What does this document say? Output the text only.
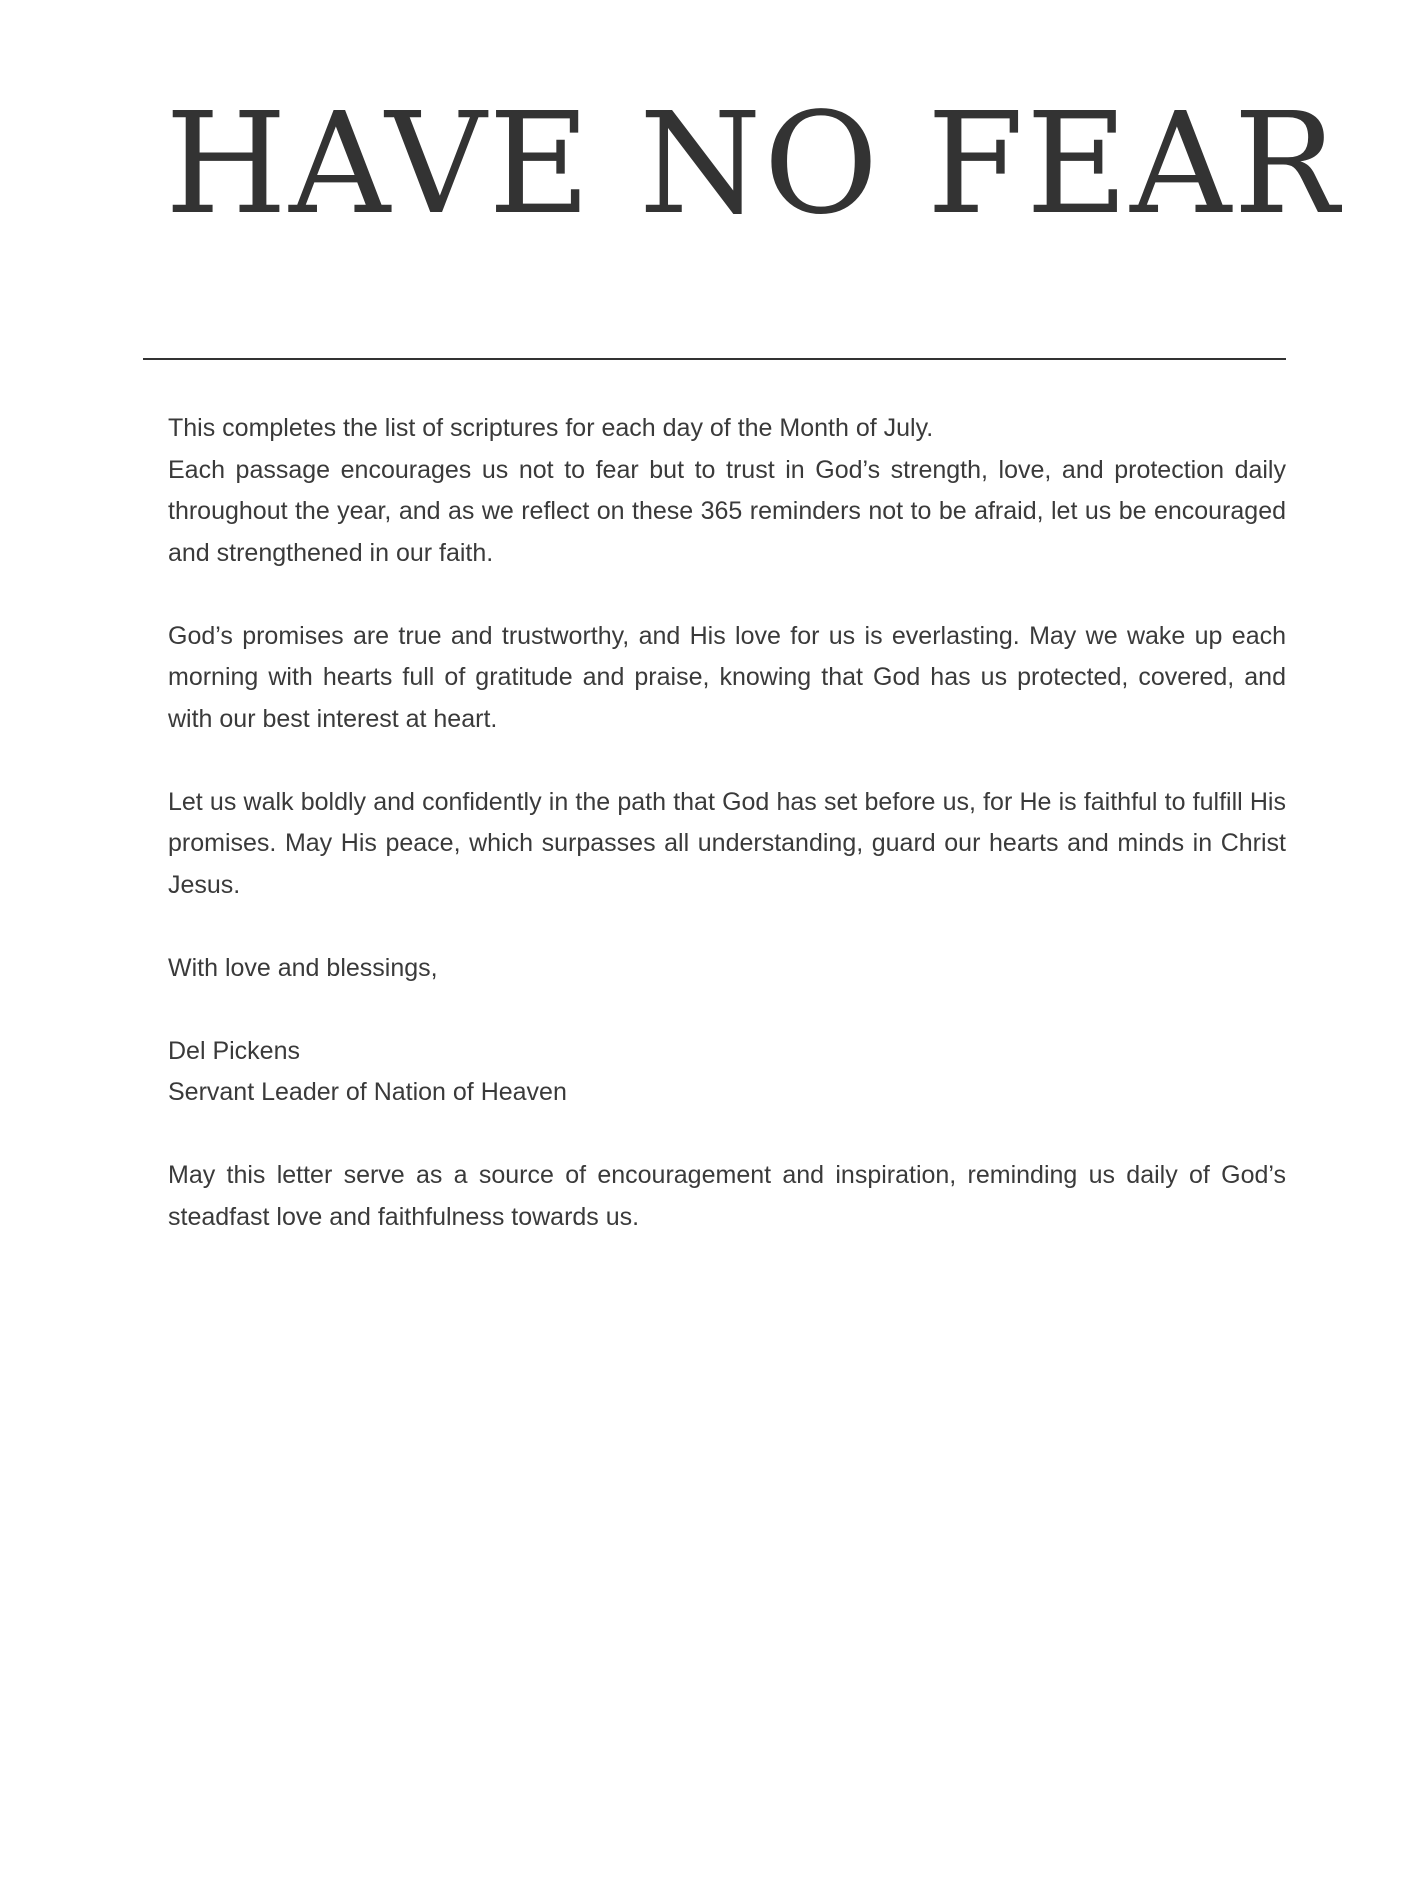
HAVE NO FEAR

This completes the list of scriptures for each day of the Month of July.

Each passage encourages us not to fear but to trust in God’s strength, love, and protection daily throughout the year, and as we reflect on these 365 reminders not to be afraid, let us be encouraged and strengthened in our faith.

God’s promises are true and trustworthy, and His love for us is everlasting. May we wake up each morning with hearts full of gratitude and praise, knowing that God has us protected, covered, and with our best interest at heart.

Let us walk boldly and confidently in the path that God has set before us, for He is faithful to fulfill His promises. May His peace, which surpasses all understanding, guard our hearts and minds in Christ Jesus.

With love and blessings,

Del Pickens

Servant Leader of Nation of Heaven

May this letter serve as a source of encouragement and inspiration, reminding us daily of God’s steadfast love and faithfulness towards us.
